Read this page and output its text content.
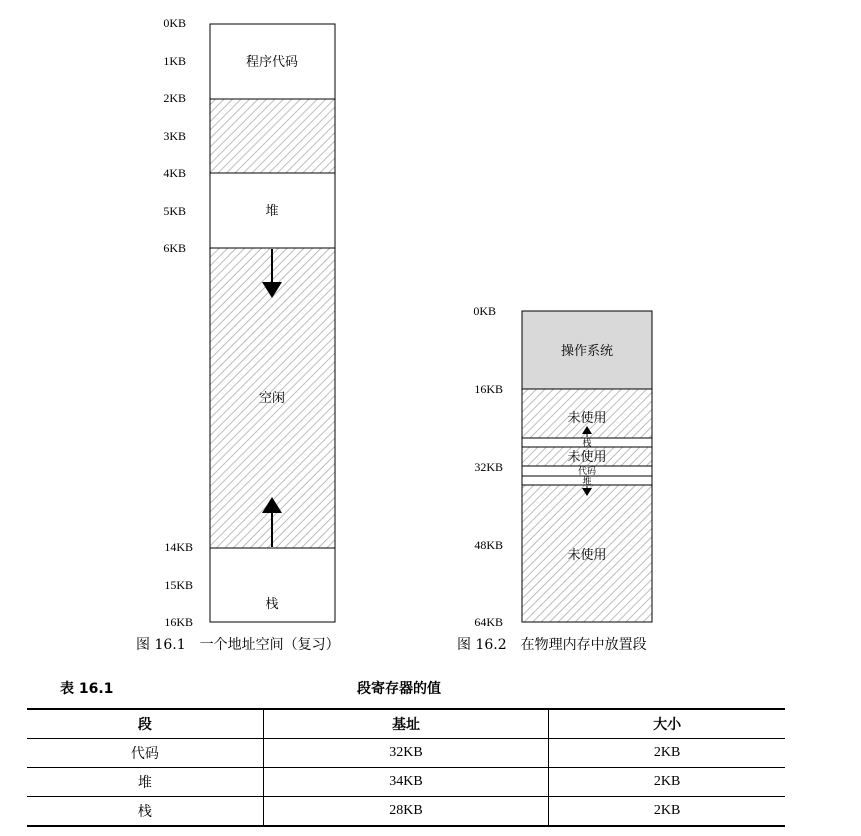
0KB
1KB
2KB
3KB
4KB
5KB
6KB
14KB
15KB
16KB
程序代码
堆
空闲
栈
0KB
16KB
32KB
48KB
64KB
操作系统
未使用
栈
未使用
代码
堆
未使用
图 16.1　一个地址空间（复习）	图 16.2　在物理内存中放置段
表 16.1	段寄存器的值
段	基址	大小
代码	32KB	2KB
堆	34KB	2KB
栈	28KB	2KB
